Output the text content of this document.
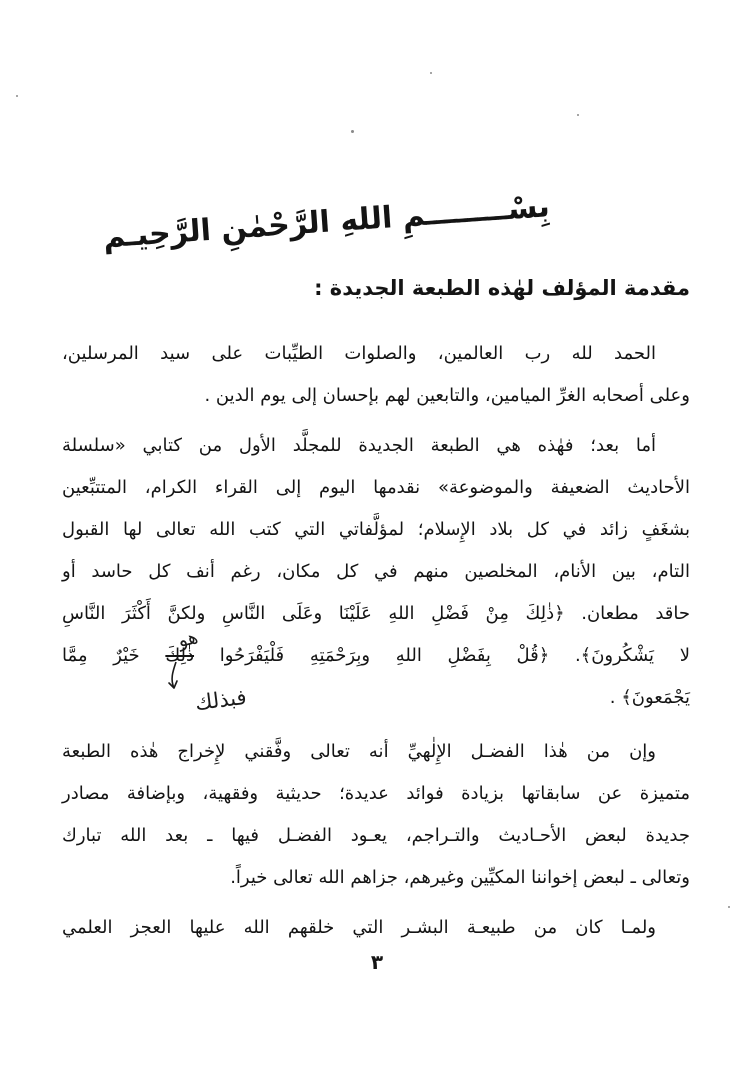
بِسْــــــــمِ اللهِ الرَّحْمٰنِ الرَّحِيـم
مقدمة المؤلف لهٰذه الطبعة الجديدة :
الحمد لله رب العالمين، والصلوات الطيِّبات على سيد المرسلين،
وعلى أصحابه الغرِّ الميامين، والتابعين لهم بإحسان إلى يوم الدين .
أما بعد؛ فهٰذه هي الطبعة الجديدة للمجلَّد الأول من كتابي «سلسلة
الأحاديث الضعيفة والموضوعة» نقدمها اليوم إلى القراء الكرام، المتتبِّعين
بشغَفٍ زائد في كل بلاد الإِسلام؛ لمؤلَّفاتي التي كتب الله تعالى لها القبول
التام، بين الأنام، المخلصين منهم في كل مكان، رغم أنف كل حاسد أو
حاقد مطعان. ﴿ذٰلِكَ مِنْ فَضْلِ اللهِ عَلَيْنَا وعَلَى النَّاسِ ولكنَّ أَكْثَرَ النَّاسِ
لا يَشْكُرونَ﴾. ﴿قُلْ بِفَضْلِ اللهِ وبِرَحْمَتِهِ فَلْيَفْرَحُوا ذٰلِكَ
هو
فبذلك
خَيْرٌ مِمَّا
يَجْمَعونَ﴾ .
وإن من هٰذا الفضـل الإِلٰهيِّ أنه تعالى وفَّقني لإِخراج هٰذه الطبعة
متميزة عن سابقاتها بزيادة فوائد عديدة؛ حديثية وفقهية، وبإضافة مصادر
جديدة لبعض الأحـاديث والتـراجم، يعـود الفضـل فيها ـ بعد الله تبارك
وتعالى ـ لبعض إخواننا المكيِّين وغيرهم، جزاهم الله تعالى خيراً.
ولمـا كان من طبيعـة البشـر التي خلقهم الله عليها العجز العلمي
٣
